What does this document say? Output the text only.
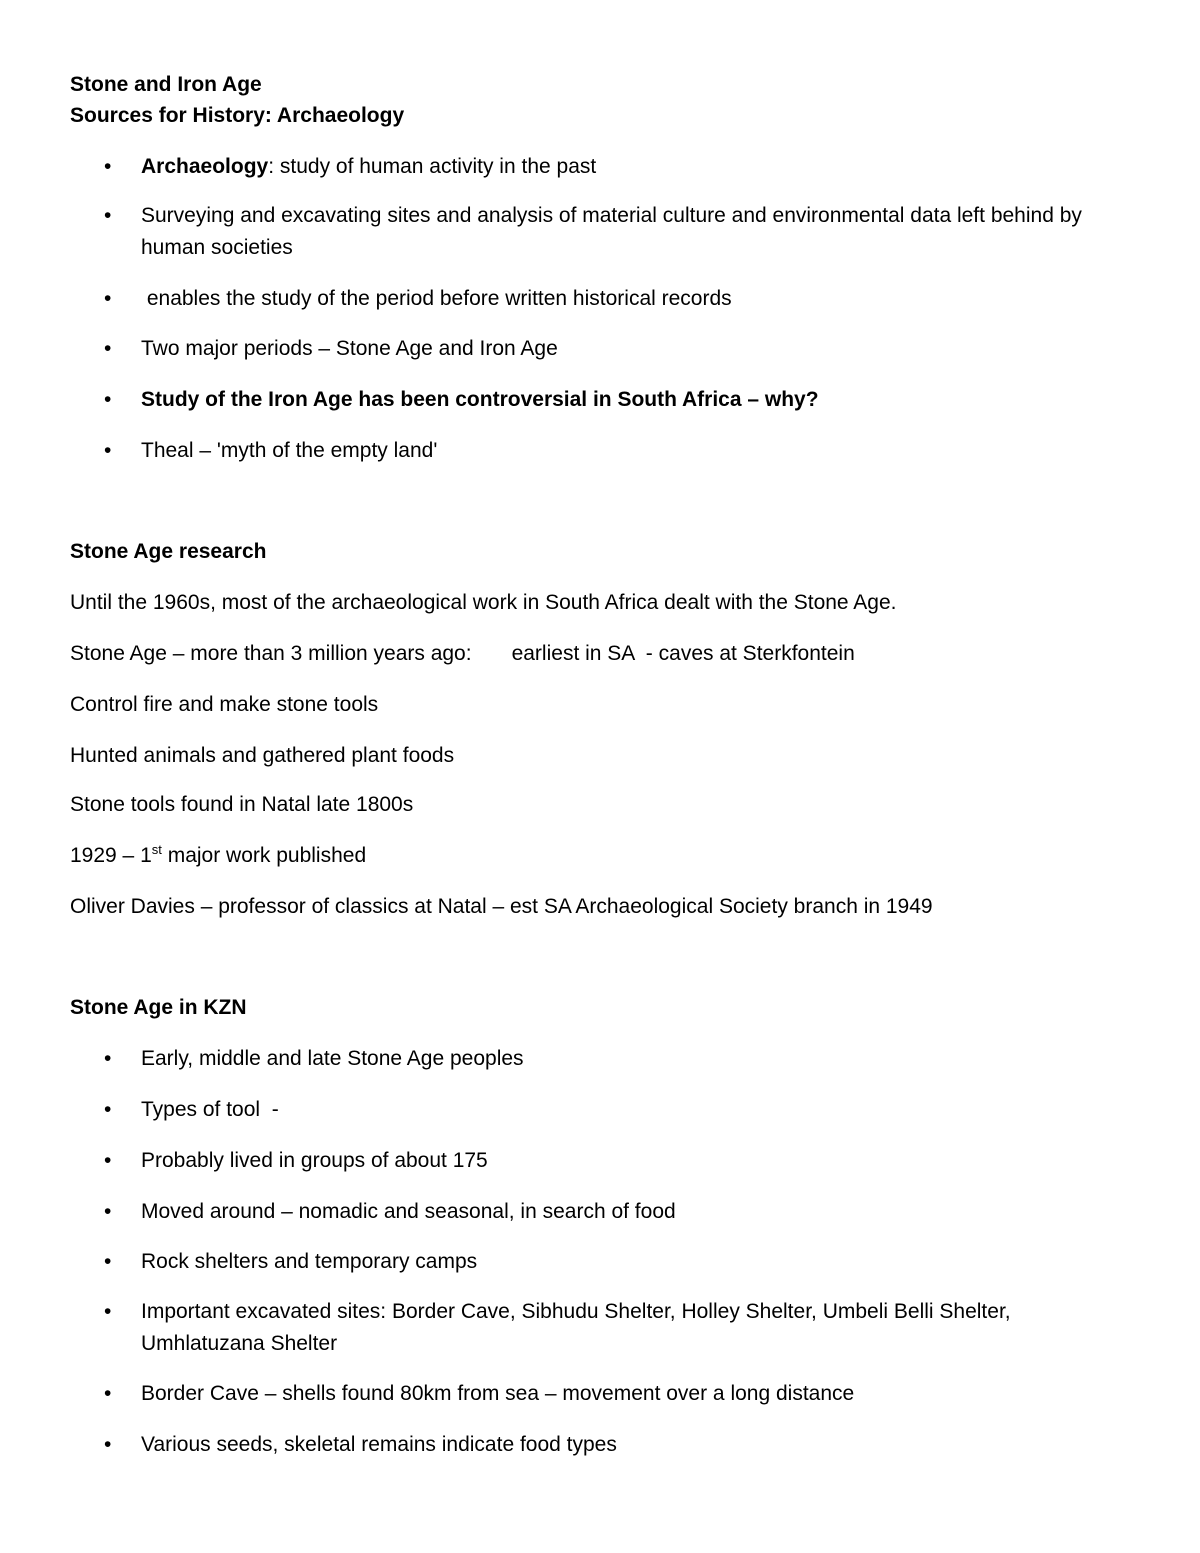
Stone and Iron Age

Sources for History: Archaeology

•	Archaeology: study of human activity in the past

•	Surveying and excavating sites and analysis of material culture and environmental data left behind by human societies

•	enables the study of the period before written historical records

•	Two major periods – Stone Age and Iron Age

•	Study of the Iron Age has been controversial in South Africa – why?

•	Theal – 'myth of the empty land'

Stone Age research

Until the 1960s, most of the archaeological work in South Africa dealt with the Stone Age.

Stone Age – more than 3 million years ago: earliest in SA  - caves at Sterkfontein

Control fire and make stone tools

Hunted animals and gathered plant foods

Stone tools found in Natal late 1800s

1929 – 1st major work published

Oliver Davies – professor of classics at Natal – est SA Archaeological Society branch in 1949

Stone Age in KZN

•	Early, middle and late Stone Age peoples

•	Types of tool  -

•	Probably lived in groups of about 175

•	Moved around – nomadic and seasonal, in search of food

•	Rock shelters and temporary camps

•	Important excavated sites: Border Cave, Sibhudu Shelter, Holley Shelter, Umbeli Belli Shelter, Umhlatuzana Shelter

•	Border Cave – shells found 80km from sea – movement over a long distance

•	Various seeds, skeletal remains indicate food types
